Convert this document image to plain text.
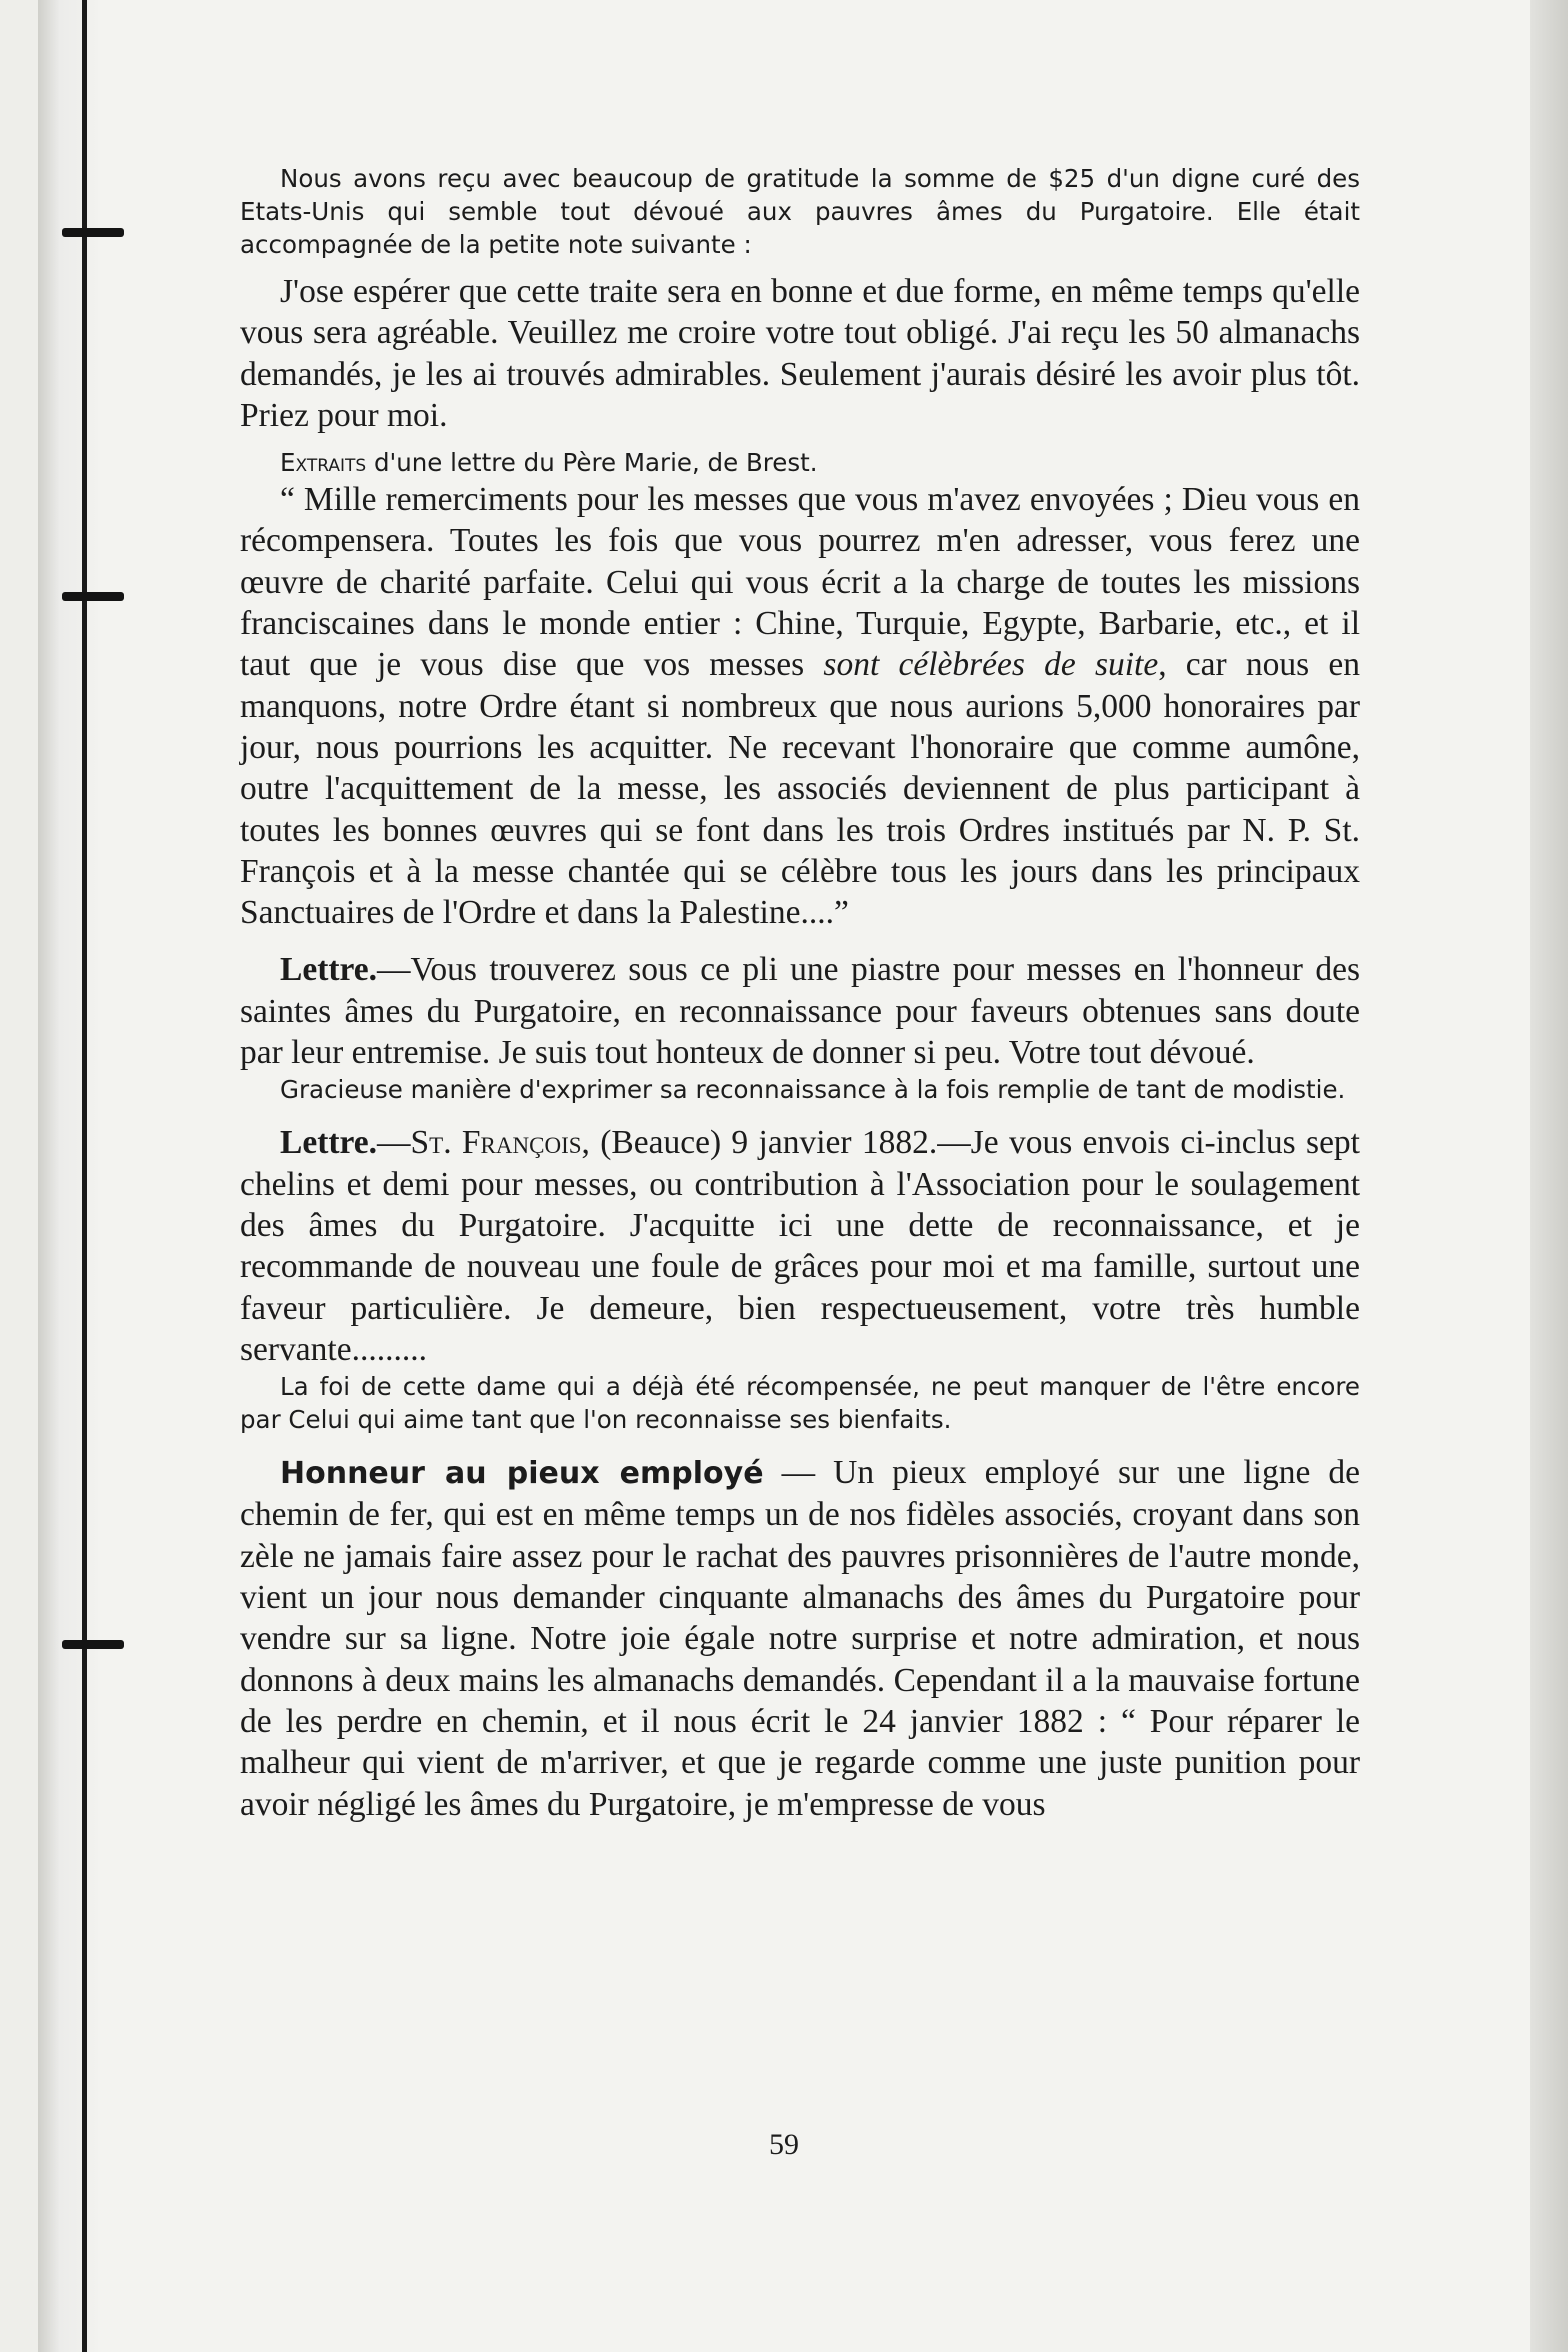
Nous avons reçu avec beaucoup de gratitude la somme de $25 d'un digne curé des Etats-Unis qui semble tout dévoué aux pauvres âmes du Purgatoire. Elle était accompagnée de la petite note suivante :

J'ose espérer que cette traite sera en bonne et due forme, en même temps qu'elle vous sera agréable. Veuillez me croire votre tout obligé. J'ai reçu les 50 almanachs demandés, je les ai trouvés admirables. Seulement j'aurais désiré les avoir plus tôt. Priez pour moi.

Extraits d'une lettre du Père Marie, de Brest.

“ Mille remerciments pour les messes que vous m'avez envoyées ; Dieu vous en récompensera. Toutes les fois que vous pourrez m'en adresser, vous ferez une œuvre de charité parfaite. Celui qui vous écrit a la charge de toutes les missions franciscaines dans le monde entier : Chine, Turquie, Egypte, Barbarie, etc., et il taut que je vous dise que vos messes sont célèbrées de suite, car nous en manquons, notre Ordre étant si nombreux que nous aurions 5,000 honoraires par jour, nous pourrions les acquitter. Ne recevant l'honoraire que comme aumône, outre l'acquittement de la messe, les associés deviennent de plus participant à toutes les bonnes œuvres qui se font dans les trois Ordres institués par N. P. St. François et à la messe chantée qui se célèbre tous les jours dans les principaux Sanctuaires de l'Ordre et dans la Palestine....”

Lettre.—Vous trouverez sous ce pli une piastre pour messes en l'honneur des saintes âmes du Purgatoire, en reconnaissance pour faveurs obtenues sans doute par leur entremise. Je suis tout honteux de donner si peu. Votre tout dévoué.

Gracieuse manière d'exprimer sa reconnaissance à la fois remplie de tant de modistie.

Lettre.—St. François, (Beauce) 9 janvier 1882.—Je vous envois ci-inclus sept chelins et demi pour messes, ou contribution à l'Association pour le soulagement des âmes du Purgatoire. J'acquitte ici une dette de reconnaissance, et je recommande de nouveau une foule de grâces pour moi et ma famille, surtout une faveur particulière. Je demeure, bien respectueusement, votre très humble servante.........

La foi de cette dame qui a déjà été récompensée, ne peut manquer de l'être encore par Celui qui aime tant que l'on reconnaisse ses bienfaits.

Honneur au pieux employé — Un pieux employé sur une ligne de chemin de fer, qui est en même temps un de nos fidèles associés, croyant dans son zèle ne jamais faire assez pour le rachat des pauvres prisonnières de l'autre monde, vient un jour nous demander cinquante almanachs des âmes du Purgatoire pour vendre sur sa ligne. Notre joie égale notre surprise et notre admiration, et nous donnons à deux mains les almanachs demandés. Cependant il a la mauvaise fortune de les perdre en chemin, et il nous écrit le 24 janvier 1882 : “ Pour réparer le malheur qui vient de m'arriver, et que je regarde comme une juste punition pour avoir négligé les âmes du Purgatoire, je m'empresse de vous

59
